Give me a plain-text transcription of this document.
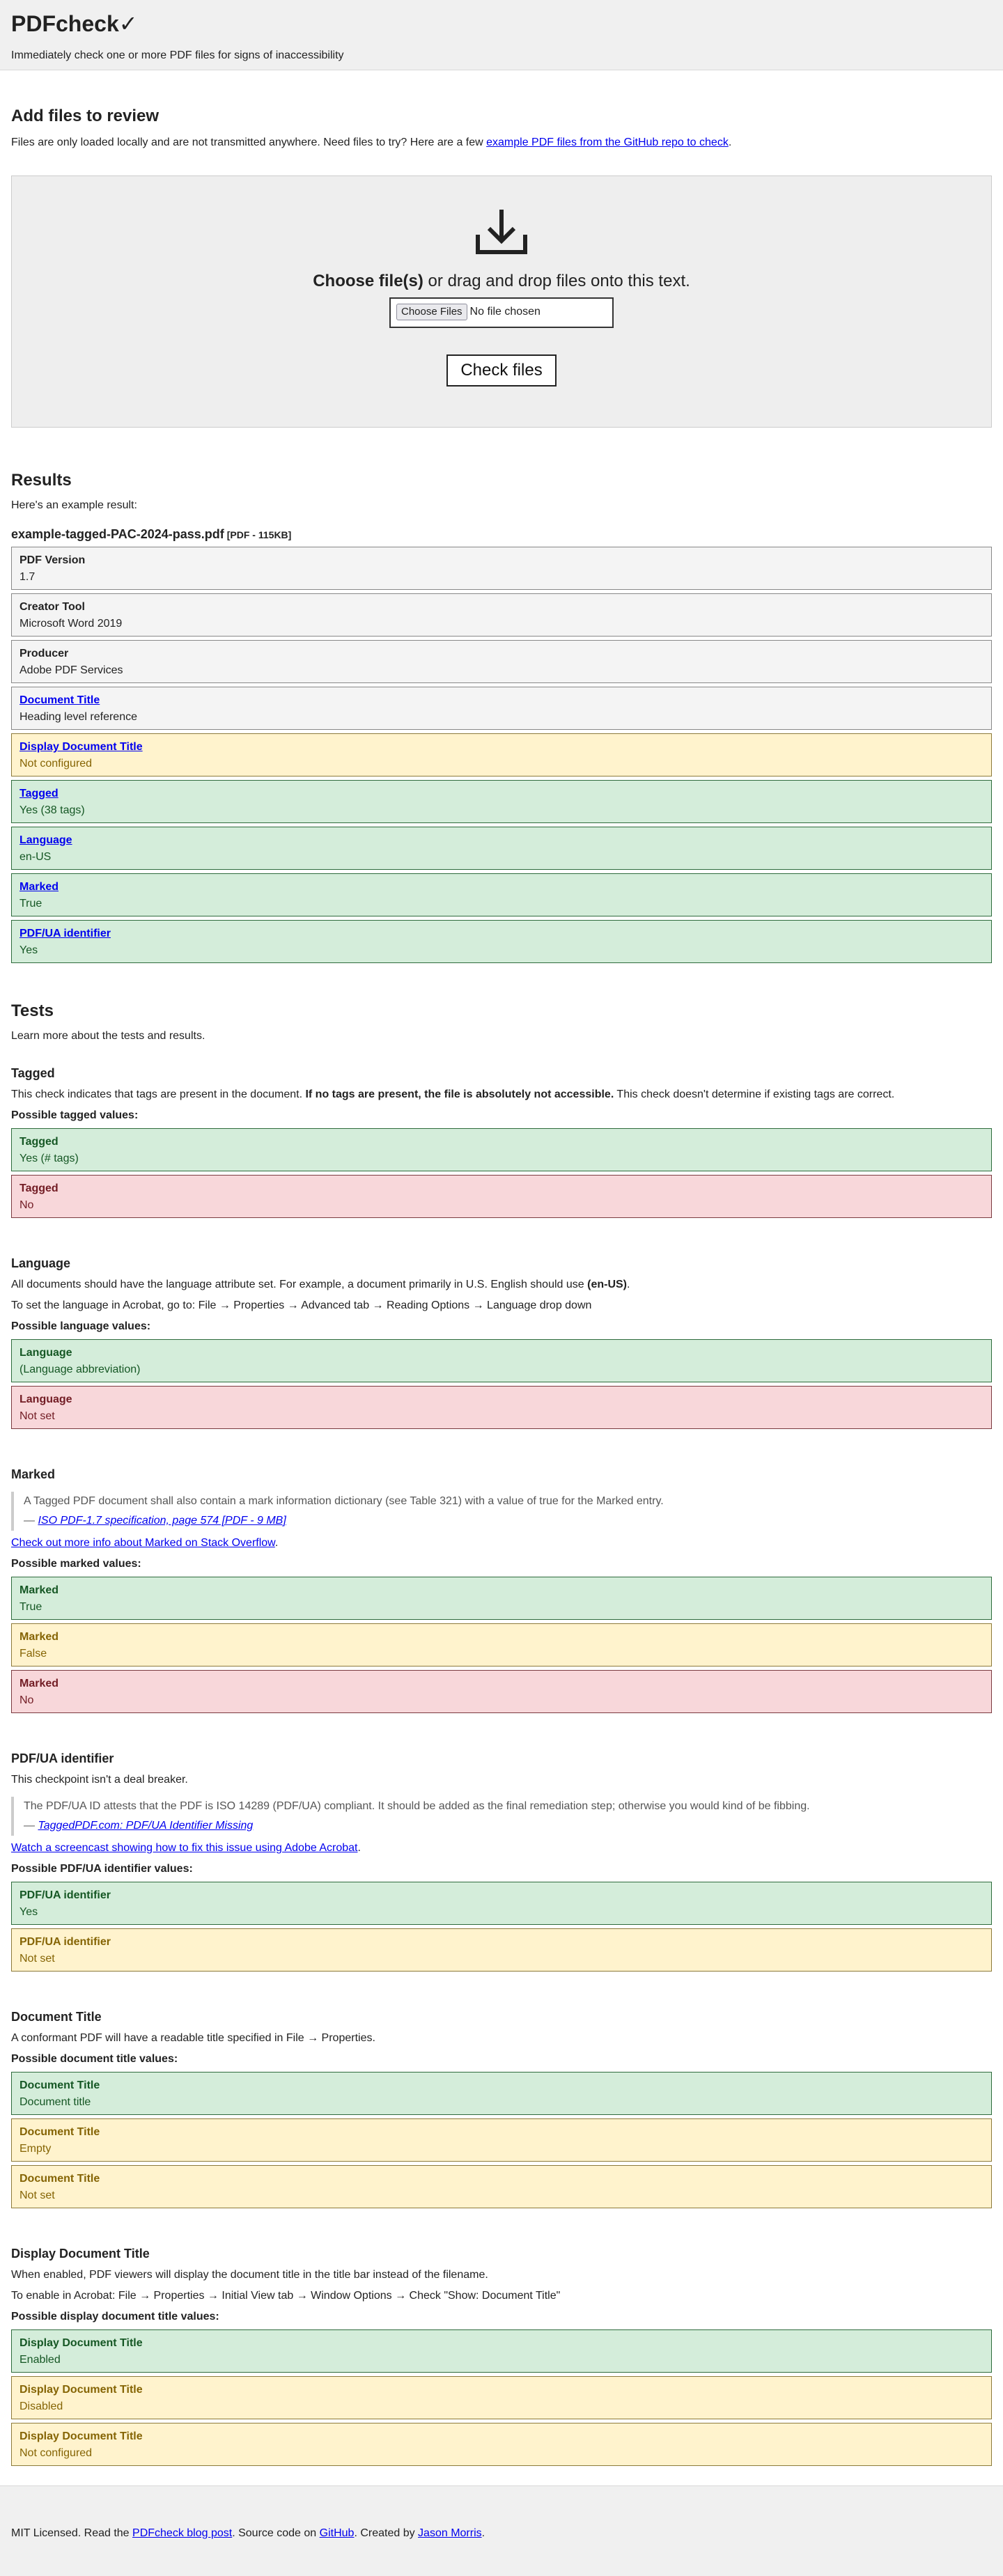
PDFcheck✓

Immediately check one or more PDF files for signs of inaccessibility

Add files to review

Files are only loaded locally and are not transmitted anywhere. Need files to try? Here are a few example PDF files from the GitHub repo to check.

Choose file(s) or drag and drop files onto this text.
Choose Files No file chosen
Check files
Results

Here's an example result:

example-tagged-PAC-2024-pass.pdf [PDF - 115KB]
PDF Version
1.7
Creator Tool
Microsoft Word 2019
Producer
Adobe PDF Services
Document Title
Heading level reference
Display Document Title
Not configured
Tagged
Yes (38 tags)
Language
en-US
Marked
True
PDF/UA identifier
Yes
Tests

Learn more about the tests and results.

Tagged

This check indicates that tags are present in the document. If no tags are present, the file is absolutely not accessible. This check doesn't determine if existing tags are correct.

Possible tagged values:

Tagged
Yes (# tags)
Tagged
No
Language

All documents should have the language attribute set. For example, a document primarily in U.S. English should use (en-US).

To set the language in Acrobat, go to: File → Properties → Advanced tab → Reading Options → Language drop down

Possible language values:

Language
(Language abbreviation)
Language
Not set
Marked
A Tagged PDF document shall also contain a mark information dictionary (see Table 321) with a value of true for the Marked entry.
— ISO PDF-1.7 specification, page 574 [PDF - 9 MB]

Check out more info about Marked on Stack Overflow.

Possible marked values:

Marked
True
Marked
False
Marked
No
PDF/UA identifier

This checkpoint isn't a deal breaker.

The PDF/UA ID attests that the PDF is ISO 14289 (PDF/UA) compliant. It should be added as the final remediation step; otherwise you would kind of be fibbing.
— TaggedPDF.com: PDF/UA Identifier Missing

Watch a screencast showing how to fix this issue using Adobe Acrobat.

Possible PDF/UA identifier values:

PDF/UA identifier
Yes
PDF/UA identifier
Not set
Document Title

A conformant PDF will have a readable title specified in File → Properties.

Possible document title values:

Document Title
Document title
Document Title
Empty
Document Title
Not set
Display Document Title

When enabled, PDF viewers will display the document title in the title bar instead of the filename.

To enable in Acrobat: File → Properties → Initial View tab → Window Options → Check "Show: Document Title"

Possible display document title values:

Display Document Title
Enabled
Display Document Title
Disabled
Display Document Title
Not configured
MIT Licensed. Read the PDFcheck blog post. Source code on GitHub. Created by Jason Morris.
